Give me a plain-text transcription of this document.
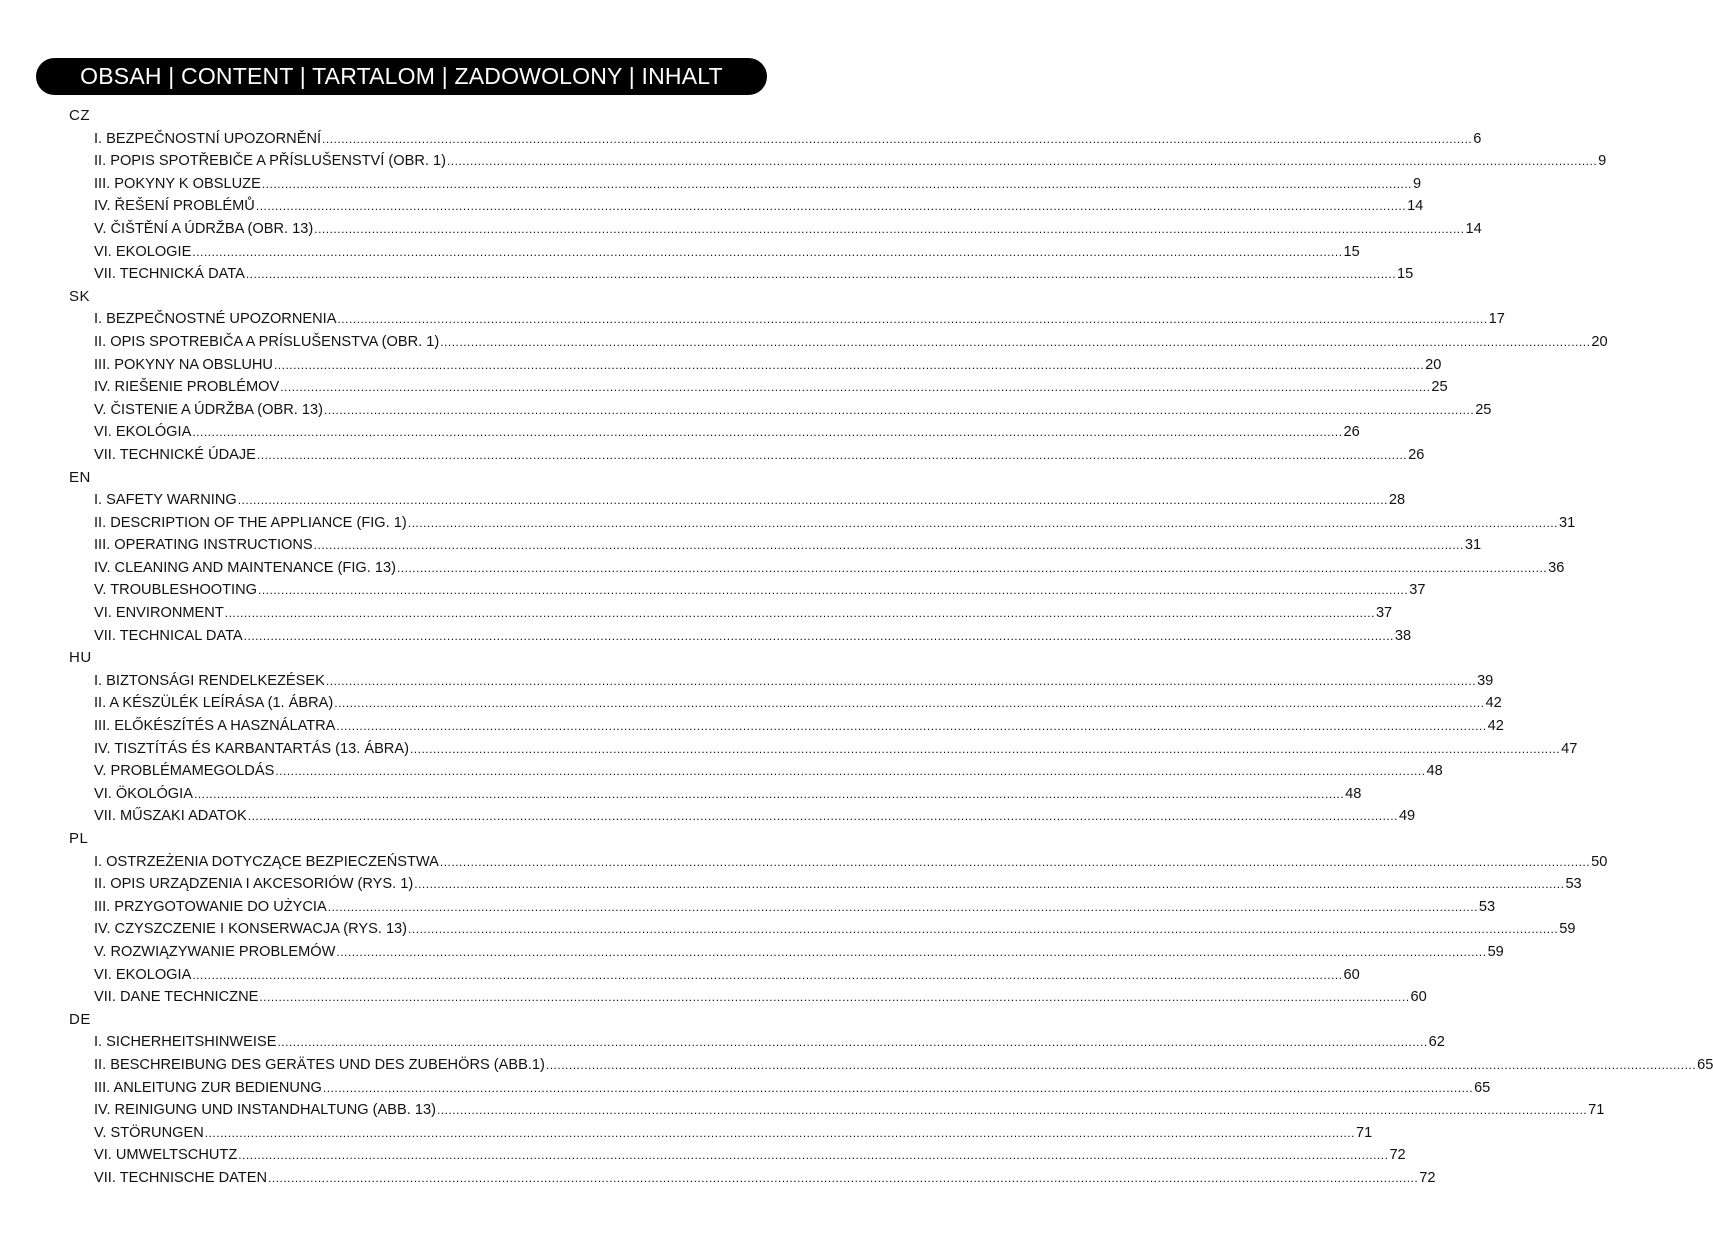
OBSAH | CONTENT | TARTALOM | ZADOWOLONY | INHALT
CZ
I. BEZPEČNOSTNÍ UPOZORNĚNÍ ............................................................................................................................................................................................................................................................................................................ 6
II. POPIS SPOTŘEBIČE A PŘÍSLUŠENSTVÍ (OBR. 1) ............................................................................................................................................................................................................................................................................................................ 9
III. POKYNY K OBSLUZE ............................................................................................................................................................................................................................................................................................................ 9
IV. ŘEŠENÍ PROBLÉMŮ ............................................................................................................................................................................................................................................................................................................ 14
V. ČIŠTĚNÍ A ÚDRŽBA (OBR. 13) ............................................................................................................................................................................................................................................................................................................ 14
VI. EKOLOGIE ............................................................................................................................................................................................................................................................................................................ 15
VII. TECHNICKÁ DATA ............................................................................................................................................................................................................................................................................................................ 15
SK
I. BEZPEČNOSTNÉ UPOZORNENIA ............................................................................................................................................................................................................................................................................................................ 17
II. OPIS SPOTREBIČA A PRÍSLUŠENSTVA (OBR. 1) ............................................................................................................................................................................................................................................................................................................ 20
III. POKYNY NA OBSLUHU ............................................................................................................................................................................................................................................................................................................ 20
IV. RIEŠENIE PROBLÉMOV ............................................................................................................................................................................................................................................................................................................ 25
V. ČISTENIE A ÚDRŽBA (OBR. 13) ............................................................................................................................................................................................................................................................................................................ 25
VI. EKOLÓGIA ............................................................................................................................................................................................................................................................................................................ 26
VII. TECHNICKÉ ÚDAJE ............................................................................................................................................................................................................................................................................................................ 26
EN
I. SAFETY WARNING ............................................................................................................................................................................................................................................................................................................ 28
II. DESCRIPTION OF THE APPLIANCE (FIG. 1) ............................................................................................................................................................................................................................................................................................................ 31
III. OPERATING INSTRUCTIONS ............................................................................................................................................................................................................................................................................................................ 31
IV. CLEANING AND MAINTENANCE (FIG. 13) ............................................................................................................................................................................................................................................................................................................ 36
V. TROUBLESHOOTING ............................................................................................................................................................................................................................................................................................................ 37
VI. ENVIRONMENT ............................................................................................................................................................................................................................................................................................................ 37
VII. TECHNICAL DATA ............................................................................................................................................................................................................................................................................................................ 38
HU
I. BIZTONSÁGI RENDELKEZÉSEK ............................................................................................................................................................................................................................................................................................................ 39
II. A KÉSZÜLÉK LEÍRÁSA (1. ÁBRA) ............................................................................................................................................................................................................................................................................................................ 42
III. ELŐKÉSZÍTÉS A HASZNÁLATRA ............................................................................................................................................................................................................................................................................................................ 42
IV. TISZTÍTÁS ÉS KARBANTARTÁS (13. ÁBRA) ............................................................................................................................................................................................................................................................................................................ 47
V. PROBLÉMAMEGOLDÁS ............................................................................................................................................................................................................................................................................................................ 48
VI. ÖKOLÓGIA ............................................................................................................................................................................................................................................................................................................ 48
VII. MŰSZAKI ADATOK ............................................................................................................................................................................................................................................................................................................ 49
PL
I. OSTRZEŻENIA DOTYCZĄCE BEZPIECZEŃSTWA ............................................................................................................................................................................................................................................................................................................ 50
II. OPIS URZĄDZENIA I AKCESORIÓW (RYS. 1) ............................................................................................................................................................................................................................................................................................................ 53
III. PRZYGOTOWANIE DO UŻYCIA ............................................................................................................................................................................................................................................................................................................ 53
IV. CZYSZCZENIE I KONSERWACJA (RYS. 13) ............................................................................................................................................................................................................................................................................................................ 59
V. ROZWIĄZYWANIE PROBLEMÓW ............................................................................................................................................................................................................................................................................................................ 59
VI. EKOLOGIA ............................................................................................................................................................................................................................................................................................................ 60
VII. DANE TECHNICZNE ............................................................................................................................................................................................................................................................................................................ 60
DE
I. SICHERHEITSHINWEISE ............................................................................................................................................................................................................................................................................................................ 62
II. BESCHREIBUNG DES GERÄTES UND DES ZUBEHÖRS (ABB.1) ............................................................................................................................................................................................................................................................................................................ 65
III. ANLEITUNG ZUR BEDIENUNG ............................................................................................................................................................................................................................................................................................................ 65
IV. REINIGUNG UND INSTANDHALTUNG (ABB. 13) ............................................................................................................................................................................................................................................................................................................ 71
V. STÖRUNGEN ............................................................................................................................................................................................................................................................................................................ 71
VI. UMWELTSCHUTZ ............................................................................................................................................................................................................................................................................................................ 72
VII. TECHNISCHE DATEN ............................................................................................................................................................................................................................................................................................................ 72
